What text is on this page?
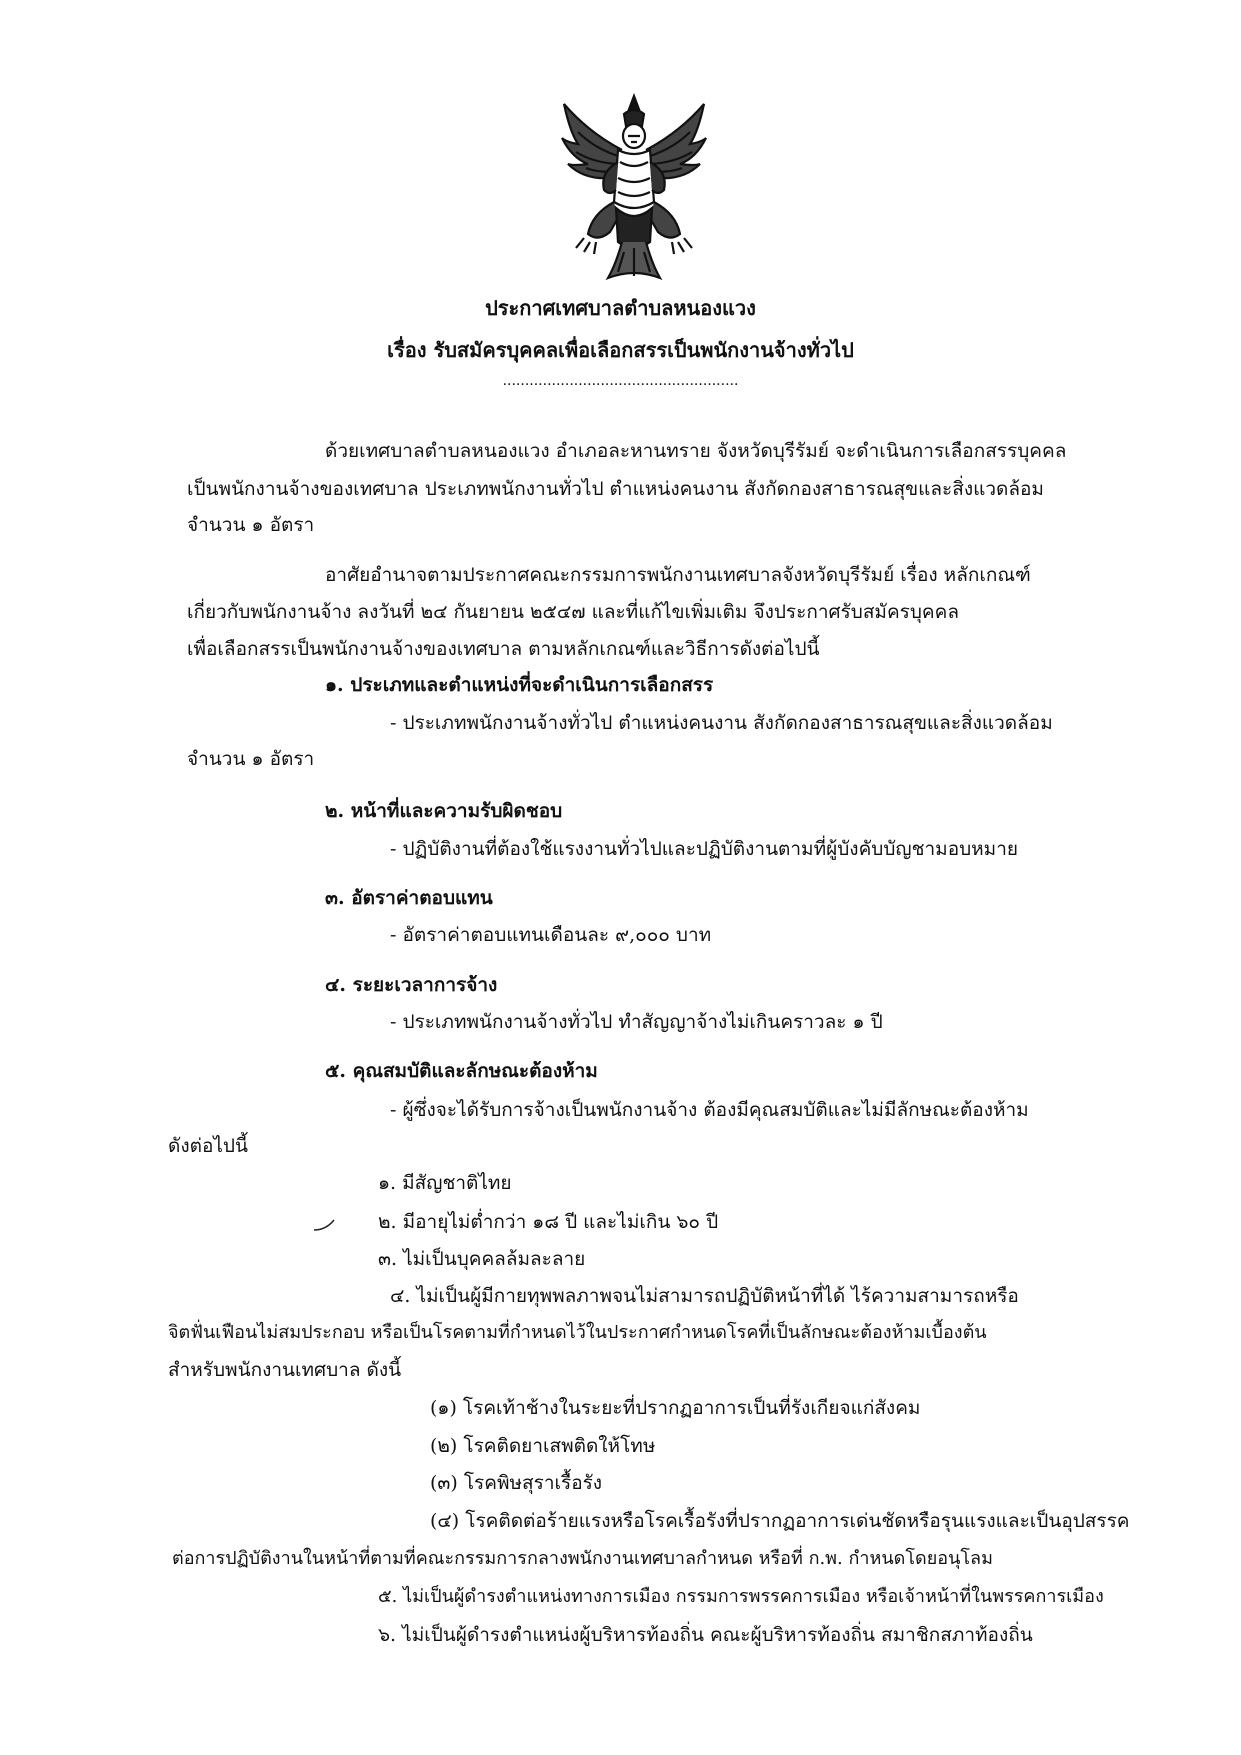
ประกาศเทศบาลตำบลหนองแวง
เรื่อง รับสมัครบุคคลเพื่อเลือกสรรเป็นพนักงานจ้างทั่วไป
.....................................................
ด้วยเทศบาลตำบลหนองแวง อำเภอละหานทราย จังหวัดบุรีรัมย์ จะดำเนินการเลือกสรรบุคคล
เป็นพนักงานจ้างของเทศบาล ประเภทพนักงานทั่วไป ตำแหน่งคนงาน สังกัดกองสาธารณสุขและสิ่งแวดล้อม
จำนวน ๑ อัตรา
อาศัยอำนาจตามประกาศคณะกรรมการพนักงานเทศบาลจังหวัดบุรีรัมย์ เรื่อง หลักเกณฑ์
เกี่ยวกับพนักงานจ้าง ลงวันที่ ๒๔ กันยายน ๒๕๔๗ และที่แก้ไขเพิ่มเติม จึงประกาศรับสมัครบุคคล
เพื่อเลือกสรรเป็นพนักงานจ้างของเทศบาล ตามหลักเกณฑ์และวิธีการดังต่อไปนี้
๑. ประเภทและตำแหน่งที่จะดำเนินการเลือกสรร
- ประเภทพนักงานจ้างทั่วไป ตำแหน่งคนงาน สังกัดกองสาธารณสุขและสิ่งแวดล้อม
จำนวน ๑ อัตรา
๒. หน้าที่และความรับผิดชอบ
- ปฏิบัติงานที่ต้องใช้แรงงานทั่วไปและปฏิบัติงานตามที่ผู้บังคับบัญชามอบหมาย
๓. อัตราค่าตอบแทน
- อัตราค่าตอบแทนเดือนละ ๙,๐๐๐ บาท
๔. ระยะเวลาการจ้าง
- ประเภทพนักงานจ้างทั่วไป ทำสัญญาจ้างไม่เกินคราวละ ๑ ปี
๕. คุณสมบัติและลักษณะต้องห้าม
- ผู้ซึ่งจะได้รับการจ้างเป็นพนักงานจ้าง ต้องมีคุณสมบัติและไม่มีลักษณะต้องห้าม
ดังต่อไปนี้
๑. มีสัญชาติไทย
๒. มีอายุไม่ต่ำกว่า ๑๘ ปี และไม่เกิน ๖๐ ปี
๓. ไม่เป็นบุคคลล้มละลาย
๔. ไม่เป็นผู้มีกายทุพพลภาพจนไม่สามารถปฏิบัติหน้าที่ได้ ไร้ความสามารถหรือ
จิตฟั่นเฟือนไม่สมประกอบ หรือเป็นโรคตามที่กำหนดไว้ในประกาศกำหนดโรคที่เป็นลักษณะต้องห้ามเบื้องต้น
สำหรับพนักงานเทศบาล ดังนี้
(๑) โรคเท้าช้างในระยะที่ปรากฏอาการเป็นที่รังเกียจแก่สังคม
(๒) โรคติดยาเสพติดให้โทษ
(๓) โรคพิษสุราเรื้อรัง
(๔) โรคติดต่อร้ายแรงหรือโรคเรื้อรังที่ปรากฏอาการเด่นชัดหรือรุนแรงและเป็นอุปสรรค
ต่อการปฏิบัติงานในหน้าที่ตามที่คณะกรรมการกลางพนักงานเทศบาลกำหนด หรือที่ ก.พ. กำหนดโดยอนุโลม
๕. ไม่เป็นผู้ดำรงตำแหน่งทางการเมือง กรรมการพรรคการเมือง หรือเจ้าหน้าที่ในพรรคการเมือง
๖. ไม่เป็นผู้ดำรงตำแหน่งผู้บริหารท้องถิ่น คณะผู้บริหารท้องถิ่น สมาชิกสภาท้องถิ่น
